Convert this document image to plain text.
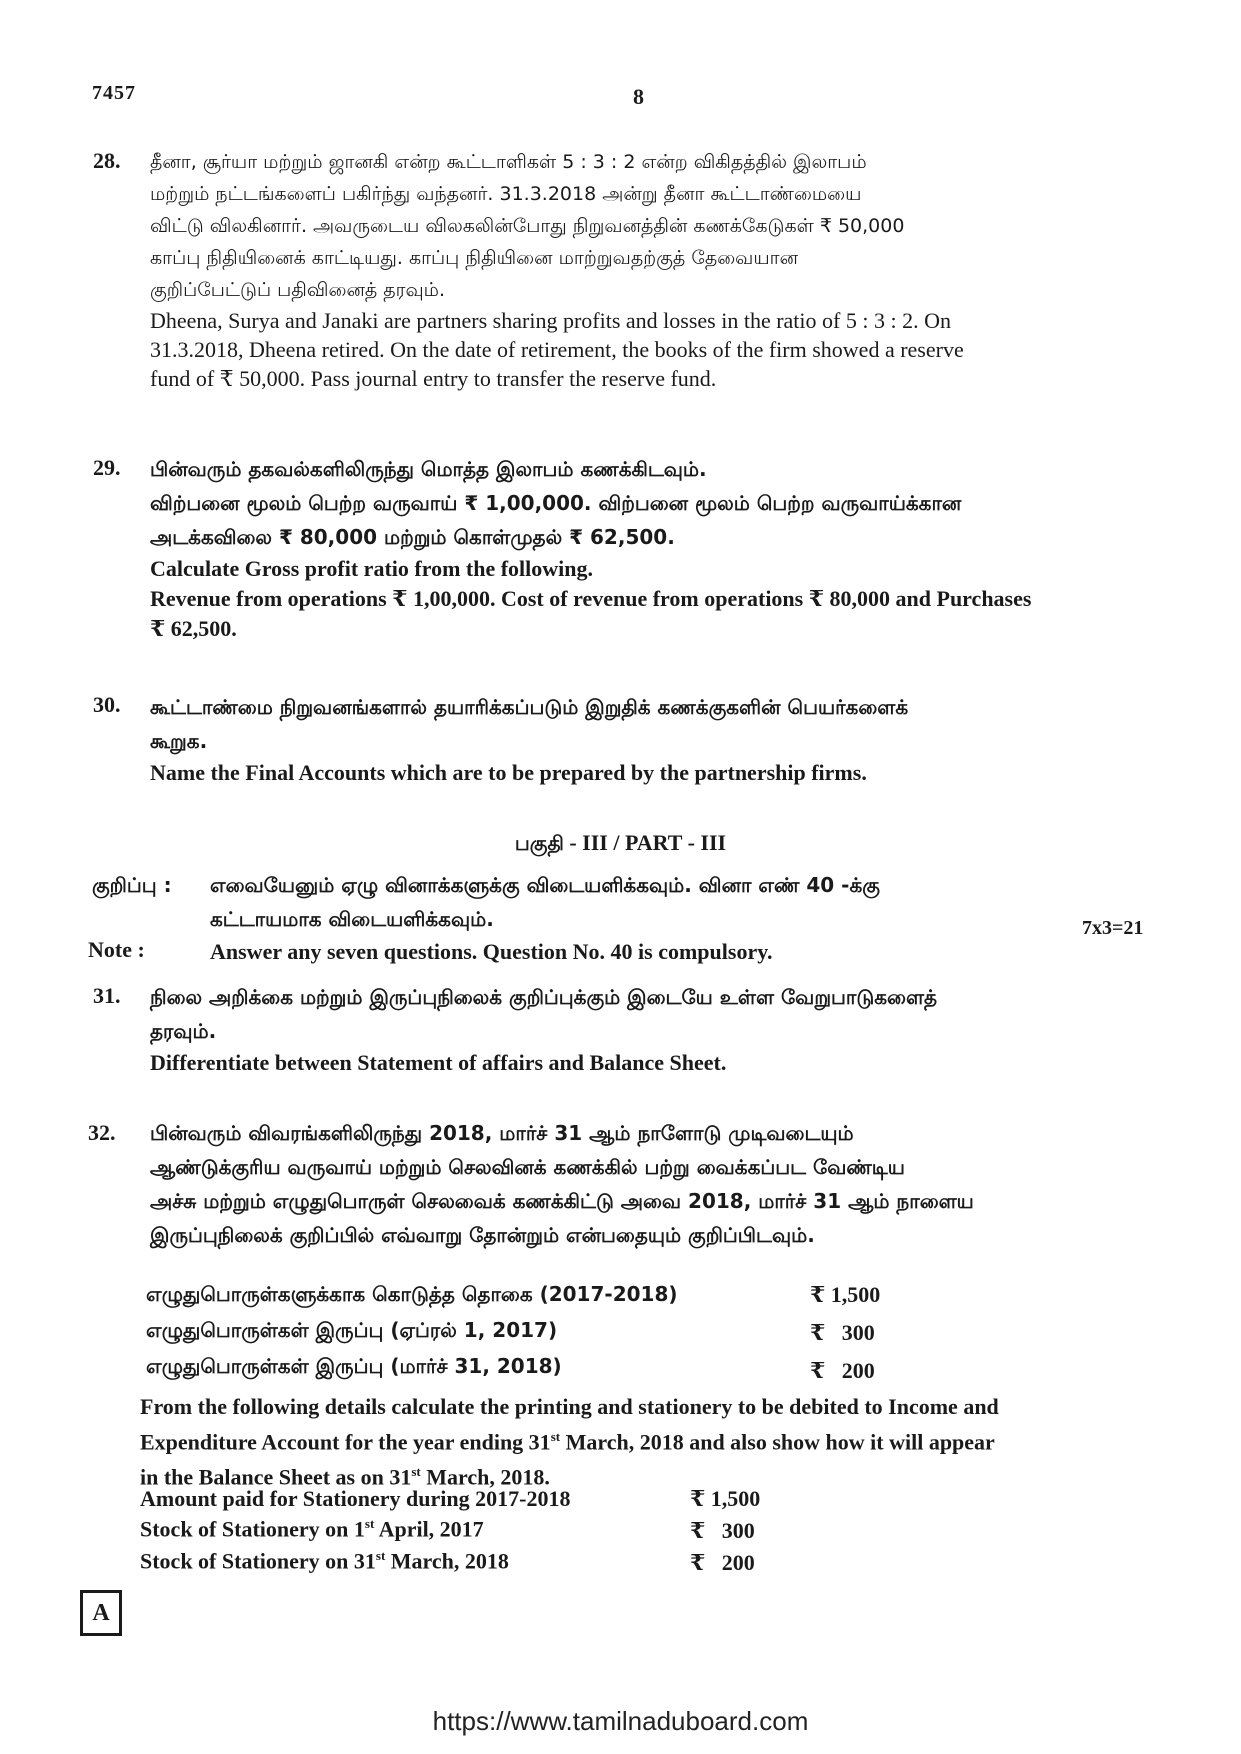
7457	8
28. தீனா, சூர்யா மற்றும் ஜானகி என்ற கூட்டாளிகள் 5 : 3 : 2 என்ற விகிதத்தில் இலாபம்
மற்றும் நட்டங்களைப் பகிர்ந்து வந்தனர். 31.3.2018 அன்று தீனா கூட்டாண்மையை
விட்டு விலகினார். அவருடைய விலகலின்போது நிறுவனத்தின் கணக்கேடுகள் ₹ 50,000
காப்பு நிதியினைக் காட்டியது. காப்பு நிதியினை மாற்றுவதற்குத் தேவையான
குறிப்பேட்டுப் பதிவினைத் தரவும்.
Dheena, Surya and Janaki are partners sharing profits and losses in the ratio of 5 : 3 : 2. On
31.3.2018, Dheena retired. On the date of retirement, the books of the firm showed a reserve
fund of ₹ 50,000. Pass journal entry to transfer the reserve fund.
29. பின்வரும் தகவல்களிலிருந்து மொத்த இலாபம் கணக்கிடவும்.
விற்பனை மூலம் பெற்ற வருவாய் ₹ 1,00,000. விற்பனை மூலம் பெற்ற வருவாய்க்கான
அடக்கவிலை ₹ 80,000 மற்றும் கொள்முதல் ₹ 62,500.
Calculate Gross profit ratio from the following.
Revenue from operations ₹ 1,00,000. Cost of revenue from operations ₹ 80,000 and Purchases
₹ 62,500.
30. கூட்டாண்மை நிறுவனங்களால் தயாரிக்கப்படும் இறுதிக் கணக்குகளின் பெயர்களைக்
கூறுக.
Name the Final Accounts which are to be prepared by the partnership firms.
பகுதி - III / PART - III
குறிப்பு : எவையேனும் ஏழு வினாக்களுக்கு விடையளிக்கவும். வினா எண் 40 -க்கு
கட்டாயமாக விடையளிக்கவும்.	7x3=21
Note :	Answer any seven questions. Question No. 40 is compulsory.
31. நிலை அறிக்கை மற்றும் இருப்புநிலைக் குறிப்புக்கும் இடையே உள்ள வேறுபாடுகளைத்
தரவும்.
Differentiate between Statement of affairs and Balance Sheet.
32. பின்வரும் விவரங்களிலிருந்து 2018, மார்ச் 31 ஆம் நாளோடு முடிவடையும்
ஆண்டுக்குரிய வருவாய் மற்றும் செலவினக் கணக்கில் பற்று வைக்கப்பட வேண்டிய
அச்சு மற்றும் எழுதுபொருள் செலவைக் கணக்கிட்டு அவை 2018, மார்ச் 31 ஆம் நாளைய
இருப்புநிலைக் குறிப்பில் எவ்வாறு தோன்றும் என்பதையும் குறிப்பிடவும்.
எழுதுபொருள்களுக்காக கொடுத்த தொகை (2017-2018)	₹ 1,500
எழுதுபொருள்கள் இருப்பு (ஏப்ரல் 1, 2017)	₹   300
எழுதுபொருள்கள் இருப்பு (மார்ச் 31, 2018)	₹   200
From the following details calculate the printing and stationery to be debited to Income and
Expenditure Account for the year ending 31st March, 2018 and also show how it will appear
in the Balance Sheet as on 31st March, 2018.
Amount paid for Stationery during 2017-2018	₹ 1,500
Stock of Stationery on 1st April, 2017	₹   300
Stock of Stationery on 31st March, 2018	₹   200
A
https://www.tamilnaduboard.com
